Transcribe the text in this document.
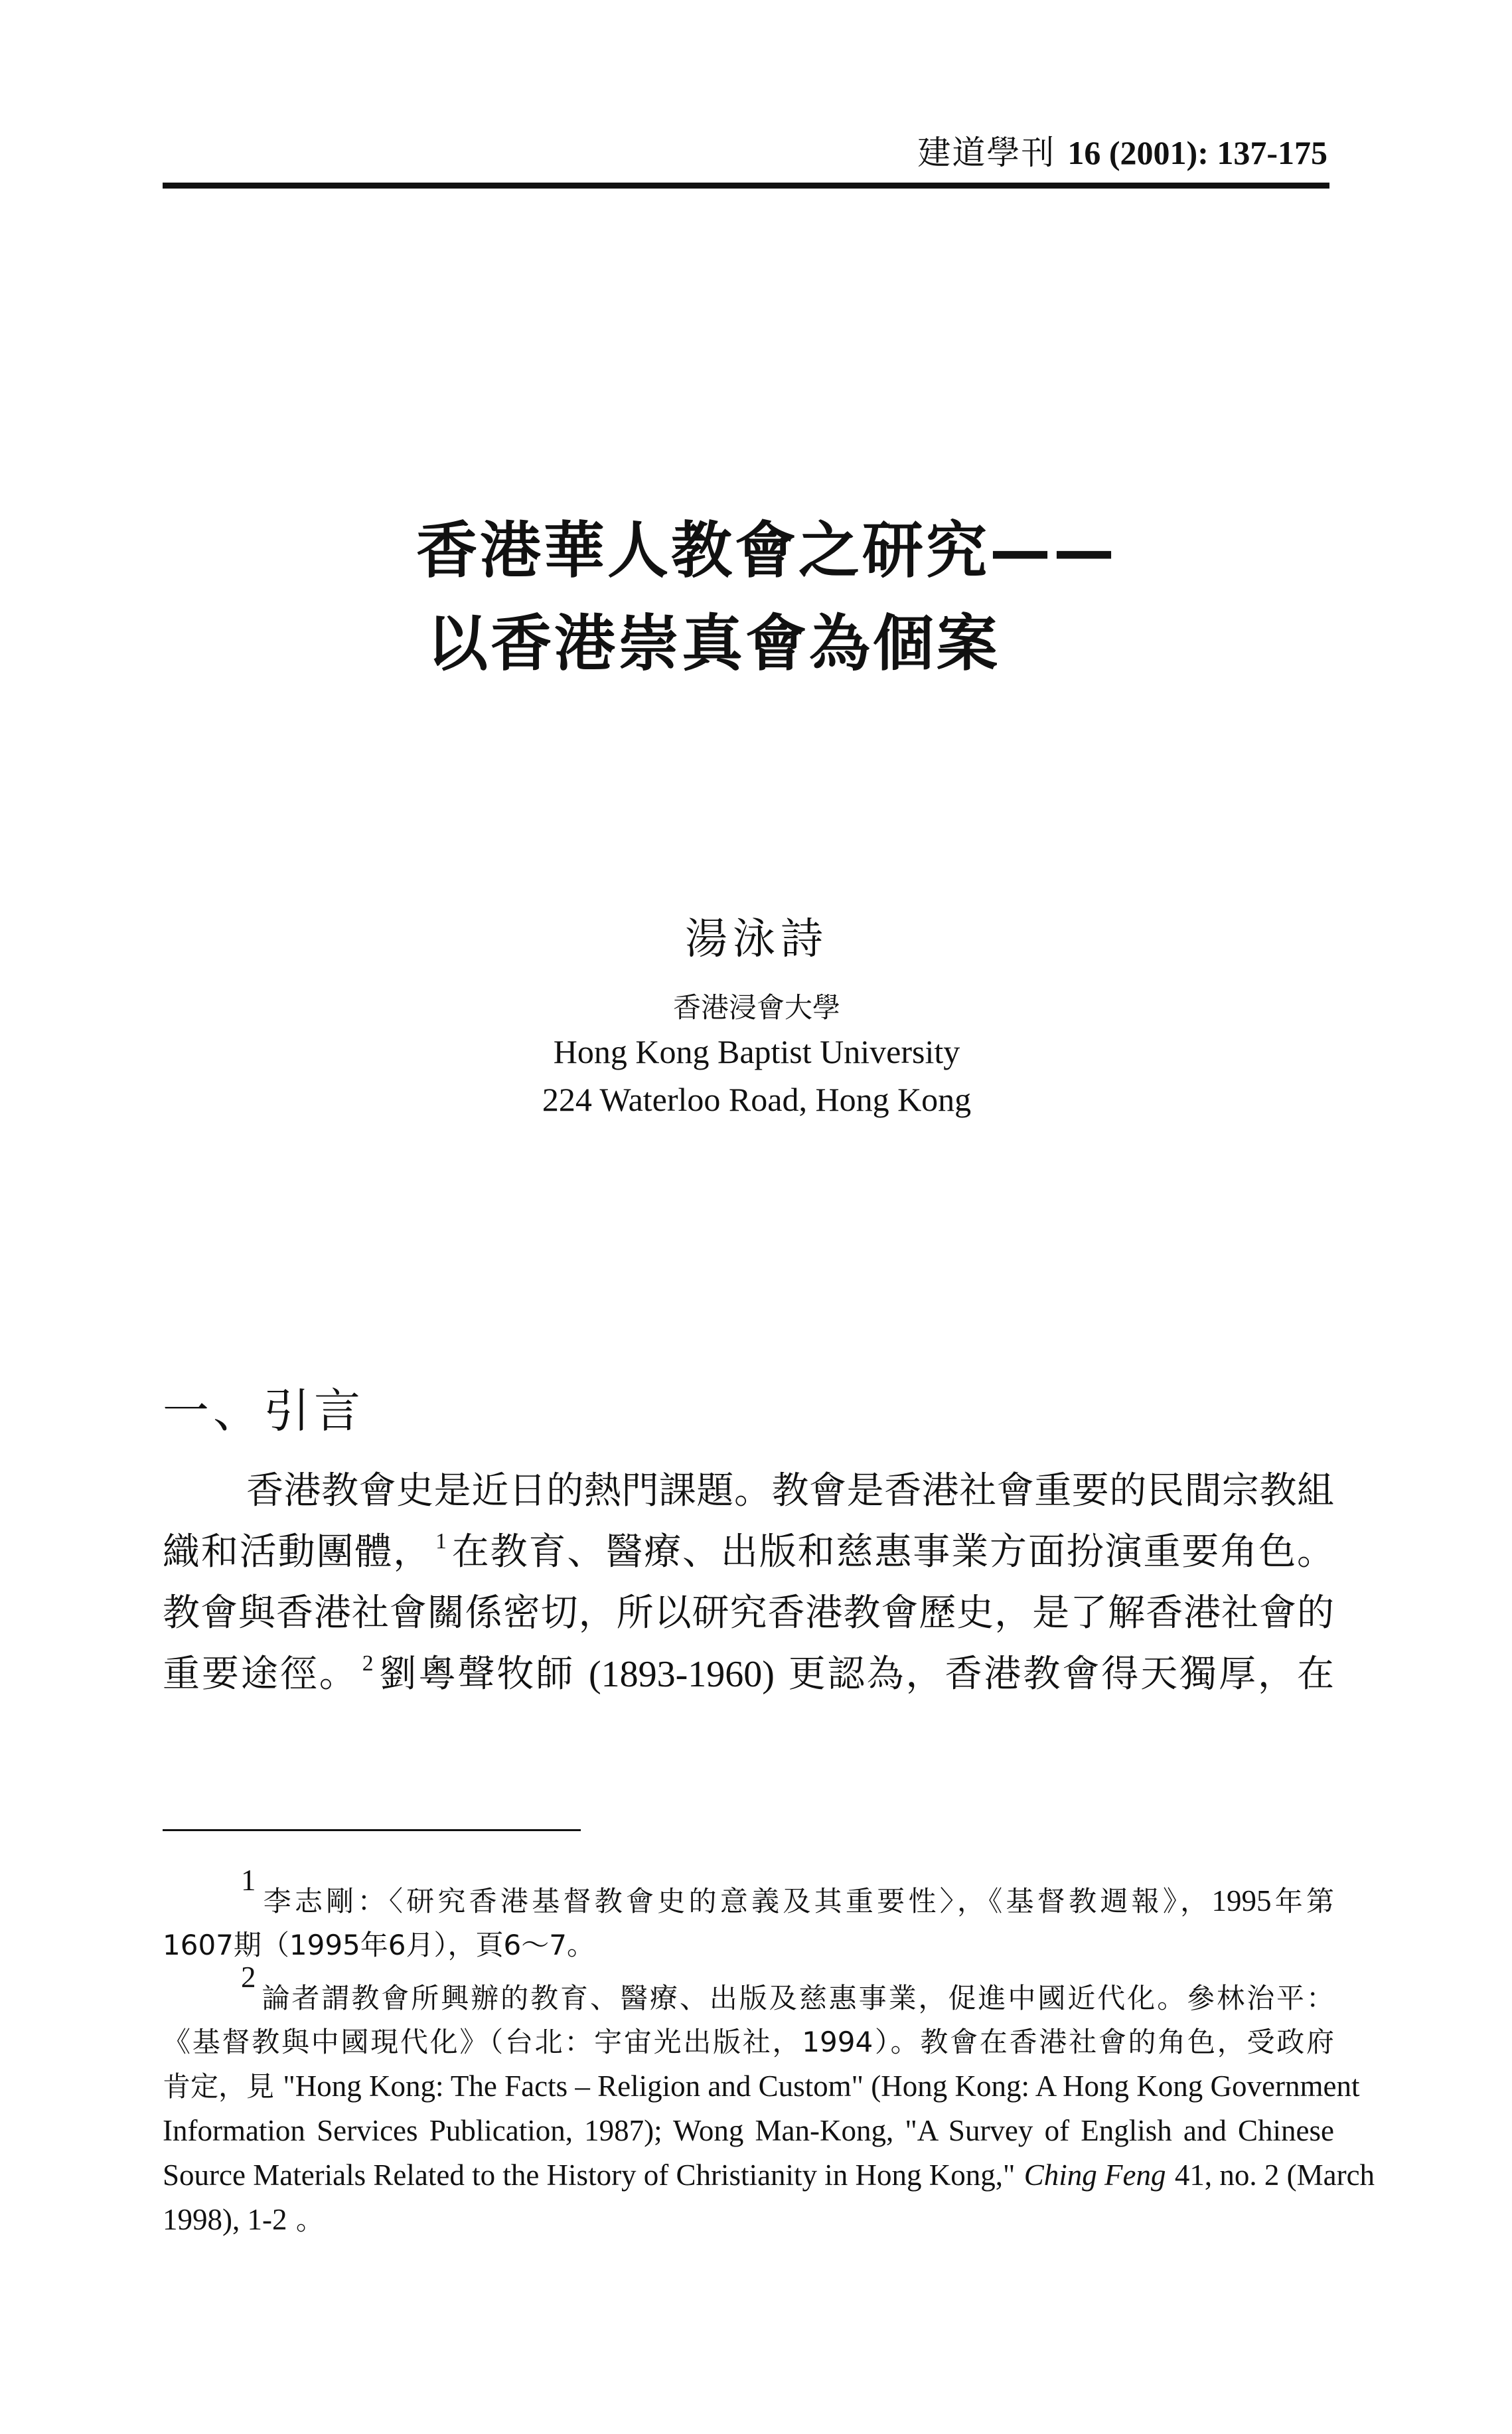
建道學刊 16 (2001): 137-175
香港華人教會之研究——
以香港崇真會為個案
湯泳詩
香港浸會大學
Hong Kong Baptist University
224 Waterloo Road, Hong Kong
一、引言
香港教會史是近日的熱門課題。教會是香港社會重要的民間宗教組
織和活動團體， $^1$ 在教育、醫療、出版和慈惠事業方面扮演重要角色。
教會與香港社會關係密切，所以研究香港教會歷史，是了解香港社會的
重要途徑。 $^2$ 劉粵聲牧師 (1893-1960) 更認為，香港教會得天獨厚，在
$^1$李志剛：〈研究香港基督教會史的意義及其重要性〉，《基督教週報》，1995年第
1607期（1995年6月），頁6～7。
$^2$論者謂教會所興辦的教育、醫療、出版及慈惠事業，促進中國近代化。參林治平：
《基督教與中國現代化》（台北：宇宙光出版社，1994）。教會在香港社會的角色，受政府
肯定，見 "Hong Kong: The Facts – Religion and Custom" (Hong Kong: A Hong Kong Government
Information Services Publication, 1987); Wong Man-Kong, "A Survey of English and Chinese
Source Materials Related to the History of Christianity in Hong Kong," Ching Feng 41, no. 2 (March
1998), 1-2 。
